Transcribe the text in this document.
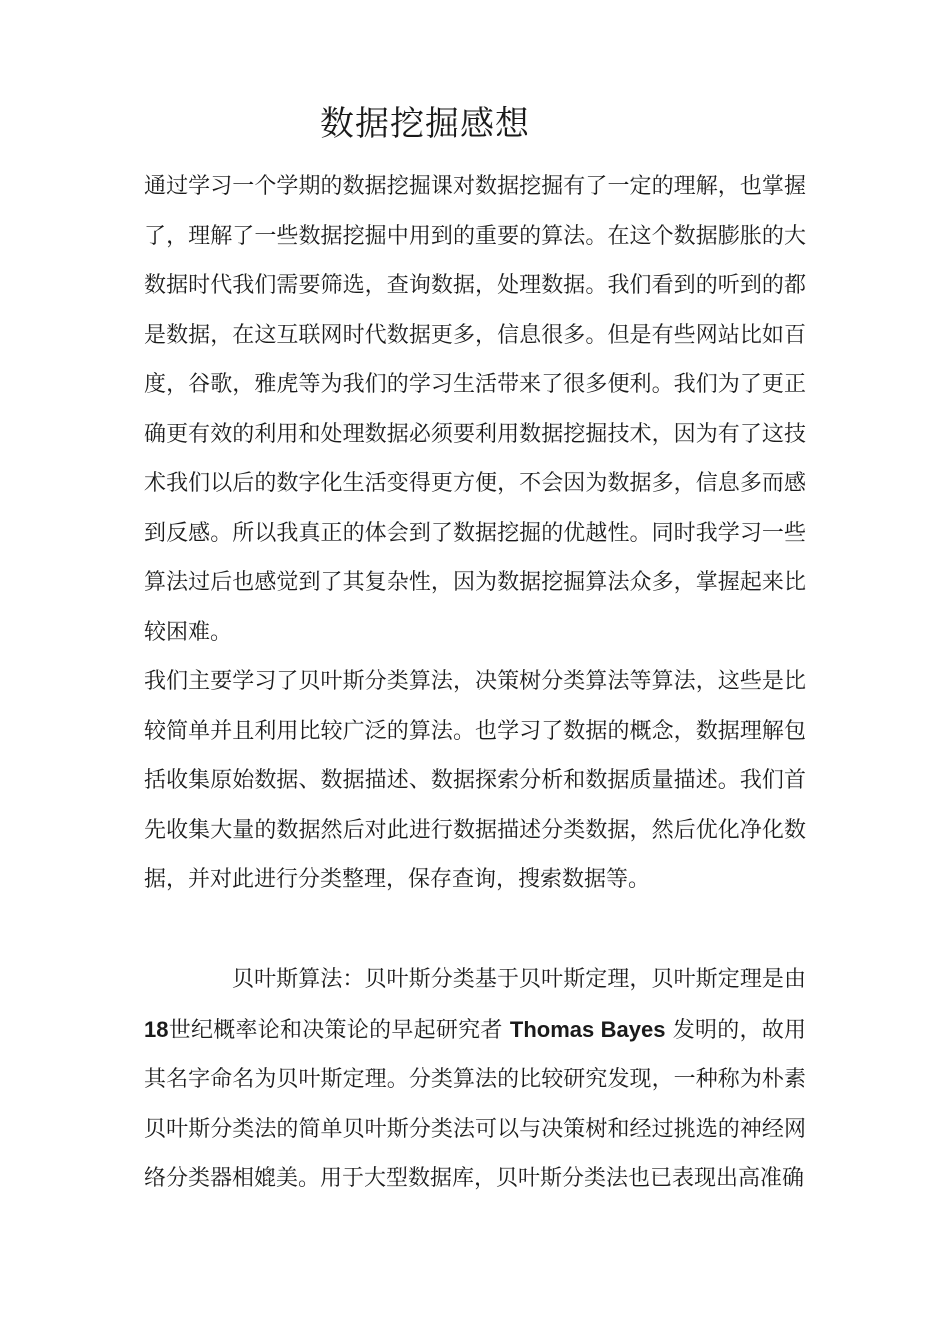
数据挖掘感想

通过学习一个学期的数据挖掘课对数据挖掘有了一定的理解，也掌握了，理解了一些数据挖掘中用到的重要的算法。在这个数据膨胀的大数据时代我们需要筛选，查询数据，处理数据。我们看到的听到的都是数据，在这互联网时代数据更多，信息很多。但是有些网站比如百度，谷歌，雅虎等为我们的学习生活带来了很多便利。我们为了更正确更有效的利用和处理数据必须要利用数据挖掘技术，因为有了这技术我们以后的数字化生活变得更方便，不会因为数据多，信息多而感到反感。所以我真正的体会到了数据挖掘的优越性。同时我学习一些算法过后也感觉到了其复杂性，因为数据挖掘算法众多，掌握起来比较困难。

我们主要学习了贝叶斯分类算法，决策树分类算法等算法，这些是比较简单并且利用比较广泛的算法。也学习了数据的概念，数据理解包括收集原始数据、数据描述、数据探索分析和数据质量描述。我们首先收集大量的数据然后对此进行数据描述分类数据，然后优化净化数据，并对此进行分类整理，保存查询，搜索数据等。

贝叶斯算法：贝叶斯分类基于贝叶斯定理，贝叶斯定理是由18世纪概率论和决策论的早起研究者 Thomas Bayes 发明的，故用其名字命名为贝叶斯定理。分类算法的比较研究发现，一种称为朴素贝叶斯分类法的简单贝叶斯分类法可以与决策树和经过挑选的神经网络分类器相媲美。用于大型数据库，贝叶斯分类法也已表现出高准确
